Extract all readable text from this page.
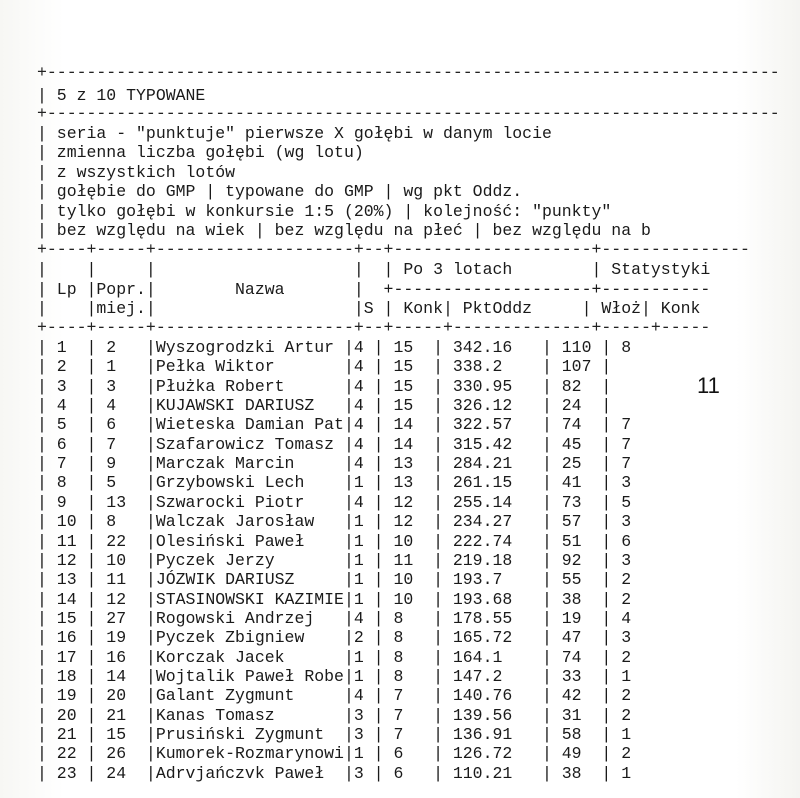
+--------------------------------------------------------------------------
| 5 z 10 TYPOWANE
+--------------------------------------------------------------------------
| seria - "punktuje" pierwsze X gołębi w danym locie
| zmienna liczba gołębi (wg lotu)
| z wszystkich lotów
| gołębie do GMP | typowane do GMP | wg pkt Oddz.
| tylko gołębi w konkursie 1:5 (20%) | kolejność: "punkty"
| bez względu na wiek | bez względu na płeć | bez względu na b
+----+-----+--------------------+--+--------------------+---------------
|    |     |                    |  | Po 3 lotach        | Statystyki
| Lp |Popr.|        Nazwa       |  +--------------------+-----------
|    |miej.|                    |S | Konk| PktOddz     | Włoż| Konk
+----+-----+--------------------+--+-----+--------------+-----+-----
| 1  | 2   |Wyszogrodzki Artur |4 | 15  | 342.16   | 110 | 8
| 2  | 1   |Pełka Wiktor       |4 | 15  | 338.2    | 107 |
| 3  | 3   |Płużka Robert      |4 | 15  | 330.95   | 82  |
| 4  | 4   |KUJAWSKI DARIUSZ   |4 | 15  | 326.12   | 24  |
| 5  | 6   |Wieteska Damian Pat|4 | 14  | 322.57   | 74  | 7
| 6  | 7   |Szafarowicz Tomasz |4 | 14  | 315.42   | 45  | 7
| 7  | 9   |Marczak Marcin     |4 | 13  | 284.21   | 25  | 7
| 8  | 5   |Grzybowski Lech    |1 | 13  | 261.15   | 41  | 3
| 9  | 13  |Szwarocki Piotr    |4 | 12  | 255.14   | 73  | 5
| 10 | 8   |Walczak Jarosław   |1 | 12  | 234.27   | 57  | 3
| 11 | 22  |Olesiński Paweł    |1 | 10  | 222.74   | 51  | 6
| 12 | 10  |Pyczek Jerzy       |1 | 11  | 219.18   | 92  | 3
| 13 | 11  |JÓZWIK DARIUSZ     |1 | 10  | 193.7    | 55  | 2
| 14 | 12  |STASINOWSKI KAZIMIE|1 | 10  | 193.68   | 38  | 2
| 15 | 27  |Rogowski Andrzej   |4 | 8   | 178.55   | 19  | 4
| 16 | 19  |Pyczek Zbigniew    |2 | 8   | 165.72   | 47  | 3
| 17 | 16  |Korczak Jacek      |1 | 8   | 164.1    | 74  | 2
| 18 | 14  |Wojtalik Paweł Robe|1 | 8   | 147.2    | 33  | 1
| 19 | 20  |Galant Zygmunt     |4 | 7   | 140.76   | 42  | 2
| 20 | 21  |Kanas Tomasz       |3 | 7   | 139.56   | 31  | 2
| 21 | 15  |Prusiński Zygmunt  |3 | 7   | 136.91   | 58  | 1
| 22 | 26  |Kumorek-Rozmarynowi|1 | 6   | 126.72   | 49  | 2
| 23 | 24  |Adrvjańczvk Paweł  |3 | 6   | 110.21   | 38  | 1
11
